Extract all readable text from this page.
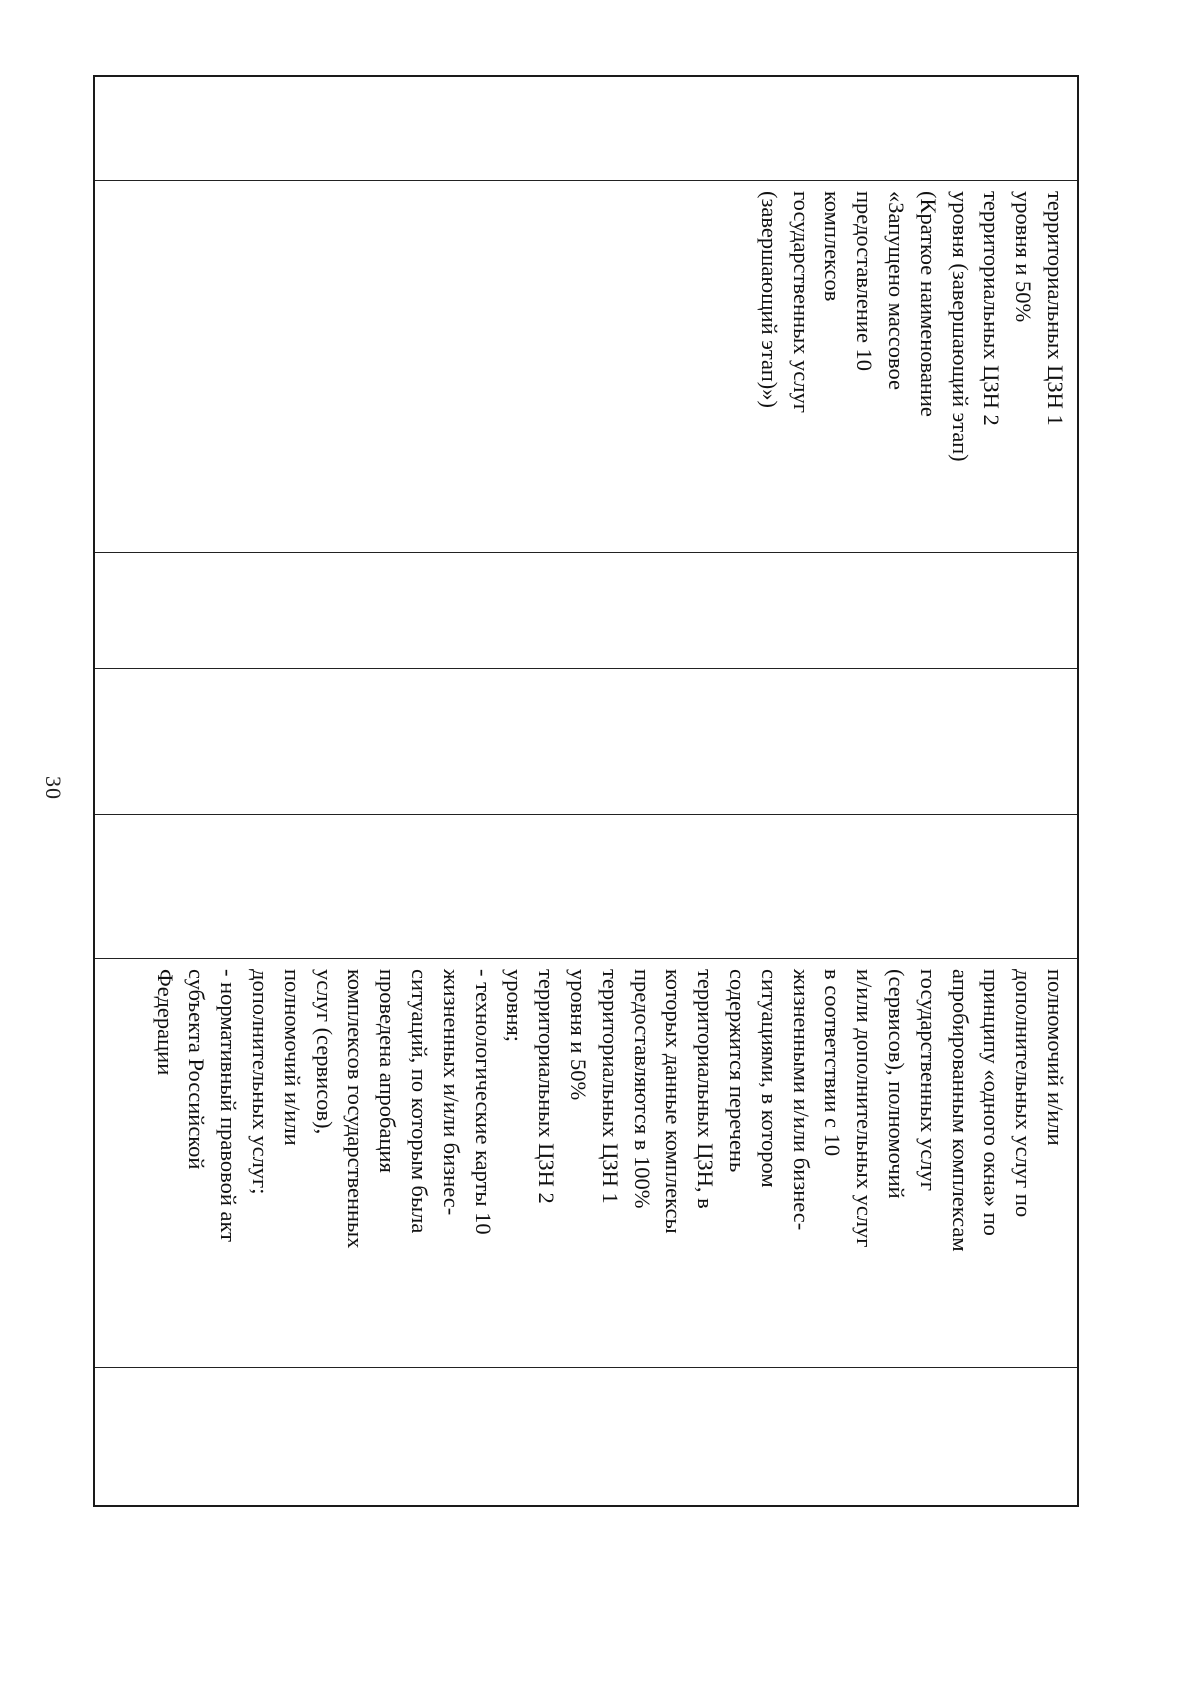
30
территориальных ЦЗН 1
уровня и 50%
территориальных ЦЗН 2
уровня (завершающий этап)
(Краткое наименование
«Запущено массовое
предоставление 10
комплексов
государственных услуг
(завершающий этап)»)
полномочий и/или
дополнительных услуг по
принципу «одного окна» по
апробированным комплексам
государственных услуг
(сервисов), полномочий
и/или дополнительных услуг
в соответствии с 10
жизненными и/или бизнес-
ситуациями, в котором
содержится перечень
территориальных ЦЗН, в
которых данные комплексы
предоставляются в 100%
территориальных ЦЗН 1
уровня и 50%
территориальных ЦЗН 2
уровня;
- технологические карты 10
жизненных и/или бизнес-
ситуаций, по которым была
проведена апробация
комплексов государственных
услуг (сервисов),
полномочий и/или
дополнительных услуг;
- нормативный правовой акт
субъекта Российской
Федерации
